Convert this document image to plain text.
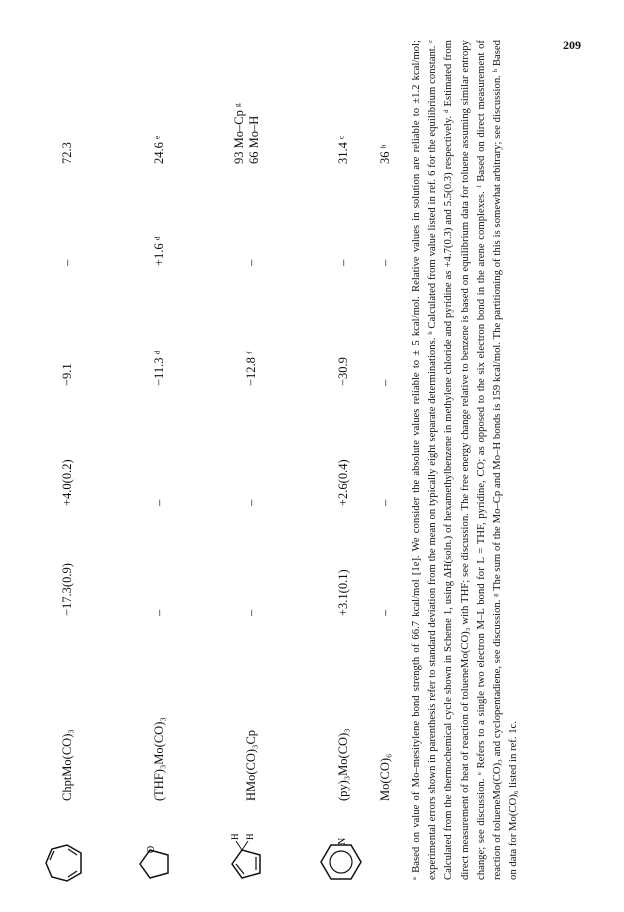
209
ChptMo(CO)₃
−17.3(0.9)
+4.0(0.2)
−9.1
–
72.3
O
(THF)₃Mo(CO)₃
–
–
−11.3 ᵈ
+1.6 ᵈ
24.6 ᵉ
H H
HMo(CO)₃Cp
–
–
−12.8 ᶠ
–
93 Mo–Cp ᵍ
66 Mo–H
N
(py)₃Mo(CO)₃
+3.1(0.1)
+2.6(0.4)
−30.9
–
31.4 ᶜ
Mo(CO)₆
–
–
–
–
36 ʰ ᵃ Based on value of Mo–mesitylene bond strength of 66.7 kcal/mol [1e]. We consider the absolute values reliable to ± 5 kcal/mol. Relative values in solution are reliable to ±1.2 kcal/mol; experimental errors shown in parenthesis refer to standard deviation from the mean on typically eight separate determinations. ᵇ Calculated from value listed in ref. 6 for the equilibrium constant. ᶜ Calculated from the thermochemical cycle shown in Scheme 1, using ΔH(soln.) of hexamethylbenzene in methylene chloride and pyridine as +4.7(0.3) and 5.5(0.3) respectively. ᵈ Estimated from direct measurement of heat of reaction of tolueneMo(CO)₃ with THF; see discussion. The free energy change relative to benzene is based on equilibrium data for toluene assuming similar entropy change; see discussion. ᵉ Refers to a single two electron M–L bond for L = THF, pyridine, CO; as opposed to the six electron bond in the arene complexes. ᶠ Based on direct measurement of reaction of tolueneMo(CO)₃ and cyclopentadiene, see discussion. ᵍ The sum of the Mo–Cp and Mo–H bonds is 159 kcal/mol. The partitioning of this is somewhat arbitrary; see discussion. ʰ Based on data for Mo(CO)₆ listed in ref. 1c.
